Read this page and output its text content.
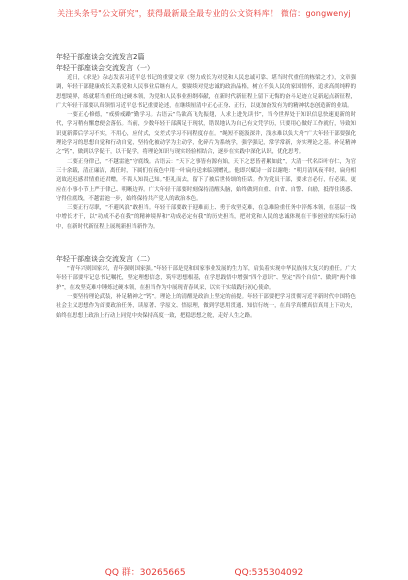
关注头条号"公文研究"，获得最新最全最专业的公文资料库！ 微信：gongwenyj

年轻干部座谈会交流发言2篇

年轻干部座谈会交流发言（一）

近日，《求是》杂志发表习近平总书记的重要文章《努力成长为对党和人民忠诚可靠、堪当时代重任的栋梁之才》，文章强调，年轻干部健康成长关系党和人民事业后继有人，要赓续对党忠诚的政治品格，树立不负人民的家国情怀，追求高尚纯粹的思想境界，练就堪当重任的过硬本领，为党和人民事业担纲奉献，在新时代新征程上留下无悔的奋斗足迹立足新起点新征程，广大年轻干部要认真领悟习近平总书记重要论述，在继续厘清中正心正身、正行，以更加奋发有为的精神状态创造新的业绩。

一要正心修德，“戒骄戒躁”勤学习。古语云“鸟欲高飞先振翅，人求上进先读书”，当今世界处于知识信息快速更新的时代，学习稍有懈怠便会落伍。当前，少数年轻干部满足于现状，错误地认为自己有文凭学历，只要用心做好工作就行，导致知识更新滞后学习不实，不用心，应付式，交差式学习不同程度存在。“绳短不能汲深井，浅水难以负大舟”广大年轻干部要强化理论学习的思想自觉和行动自觉，坚持化被动学为主动学，化碎片为系统学，强学强记，常学常新，夯实理论之基。补足精神之“钙”，做到以学促干，以干促学，将理论知识与现实经验相结合，逐步在实践中深化认识，优化思考。

二要正身律己，“不越雷池”守底线。古语云：“天下之事皆有源有始，天下之恶皆者累如此”，大清一代名臣叶存仁，为官三十余载，清正廉洁，离任时，下属们在夜色中用一叶扁舟送来临别赠礼。他即兴赋诗一首以谢绝：“明月清风夜半时，扁舟相送故迟迟感君情重还君赠，不畏人知畏己知。”拒礼而去，留下了被后世传颂的佳话。作为党员干部，要求言必行，行必果，更应在小事小节上严于律己、明晰边界。广大年轻干部要时刻保持清醒头脑，始终做到自重、自省、自警、自励，抵得住诱惑、守得住底线，不越雷池一步，始终保持共产党人的政治本色。

三要正行尽职，“不避风浪”敢担当。年轻干部要敢于迎难而上、勇于攻坚克难，在急难险重任务中淬炼本领，在基层一线中增长才干，以“功成不必在我”的精神境界和“功成必定有我”的历史担当，把对党和人民的忠诚体现在干事创业的实际行动中，在新时代新征程上展现新担当新作为。

年轻干部座谈会交流发言（二）

“青年兴则国家兴，青年强则国家强。”年轻干部是党和国家事业发展的生力军，肩负着实现中华民族伟大复兴的重任。广大年轻干部要牢记总书记嘱托，坚定理想信念，筑牢思想根基，在学思践悟中增强“四个意识”、坚定“四个自信”、做到“两个维护”，在攻坚克难中锤炼过硬本领，在担当作为中展现青春风采，以实干实绩践行初心使命。

一要坚持理论武装，补足精神之“钙”。理论上的清醒是政治上坚定的前提。年轻干部要把学习贯彻习近平新时代中国特色社会主义思想作为首要政治任务，读原著、学原文、悟原理，做到学思用贯通、知信行统一，在真学真懂真信真用上下功夫，始终在思想上政治上行动上同党中央保持高度一致，把稳思想之舵，走好人生之路。

QQ 群：30265665	QQ:535304092
